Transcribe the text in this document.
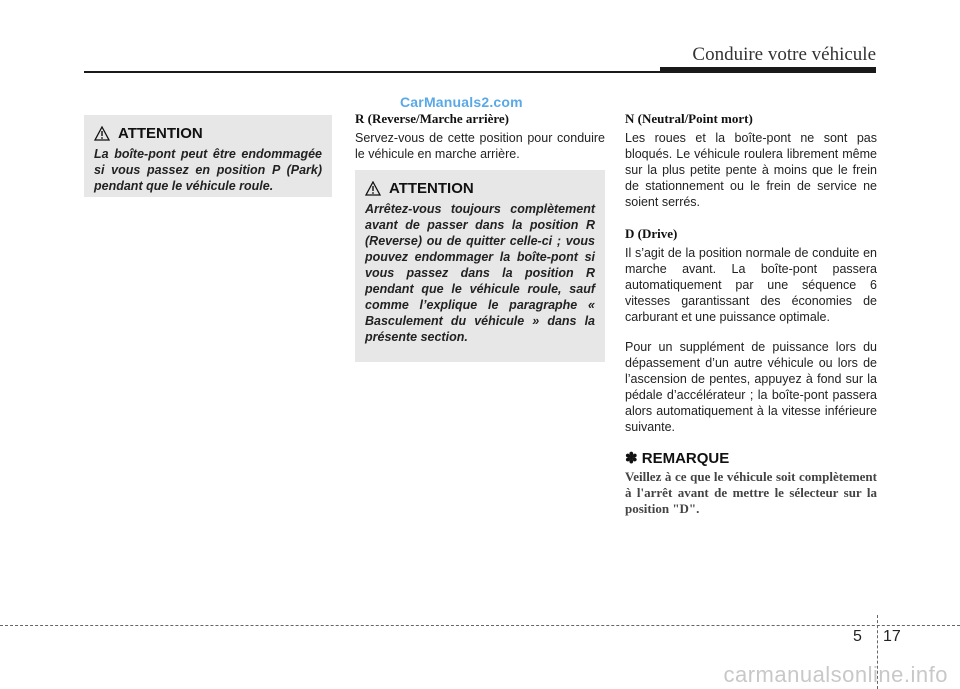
Conduire votre véhicule
CarManuals2.com
ATTENTION
La boîte-pont peut être endommagée si vous passez en position P (Park) pendant que le véhicule roule.
R (Reverse/Marche arrière)

Servez-vous de cette position pour conduire le véhicule en marche arrière.

ATTENTION
Arrêtez-vous toujours complètement avant de passer dans la position R (Reverse) ou de quitter celle-ci ; vous pouvez endommager la boîte-pont si vous passez dans la position R pendant que le véhicule roule, sauf comme l’explique le paragraphe « Basculement du véhicule » dans la présente section.
N (Neutral/Point mort)

Les roues et la boîte-pont ne sont pas bloqués. Le véhicule roulera librement même sur la plus petite pente à moins que le frein de stationnement ou le frein de service ne soient serrés.

D (Drive)

Il s’agit de la position normale de conduite en marche avant. La boîte-pont passera automatiquement par une séquence 6 vitesses garantissant des économies de carburant et une puissance optimale.

Pour un supplément de puissance lors du dépassement d’un autre véhicule ou lors de l’ascension de pentes, appuyez à fond sur la pédale d’accélérateur ; la boîte-pont passera alors automatiquement à la vitesse inférieure suivante.

✽ REMARQUE
Veillez à ce que le véhicule soit complètement à l'arrêt avant de mettre le sélecteur sur la position "D".
5 17
carmanualsonline.info
